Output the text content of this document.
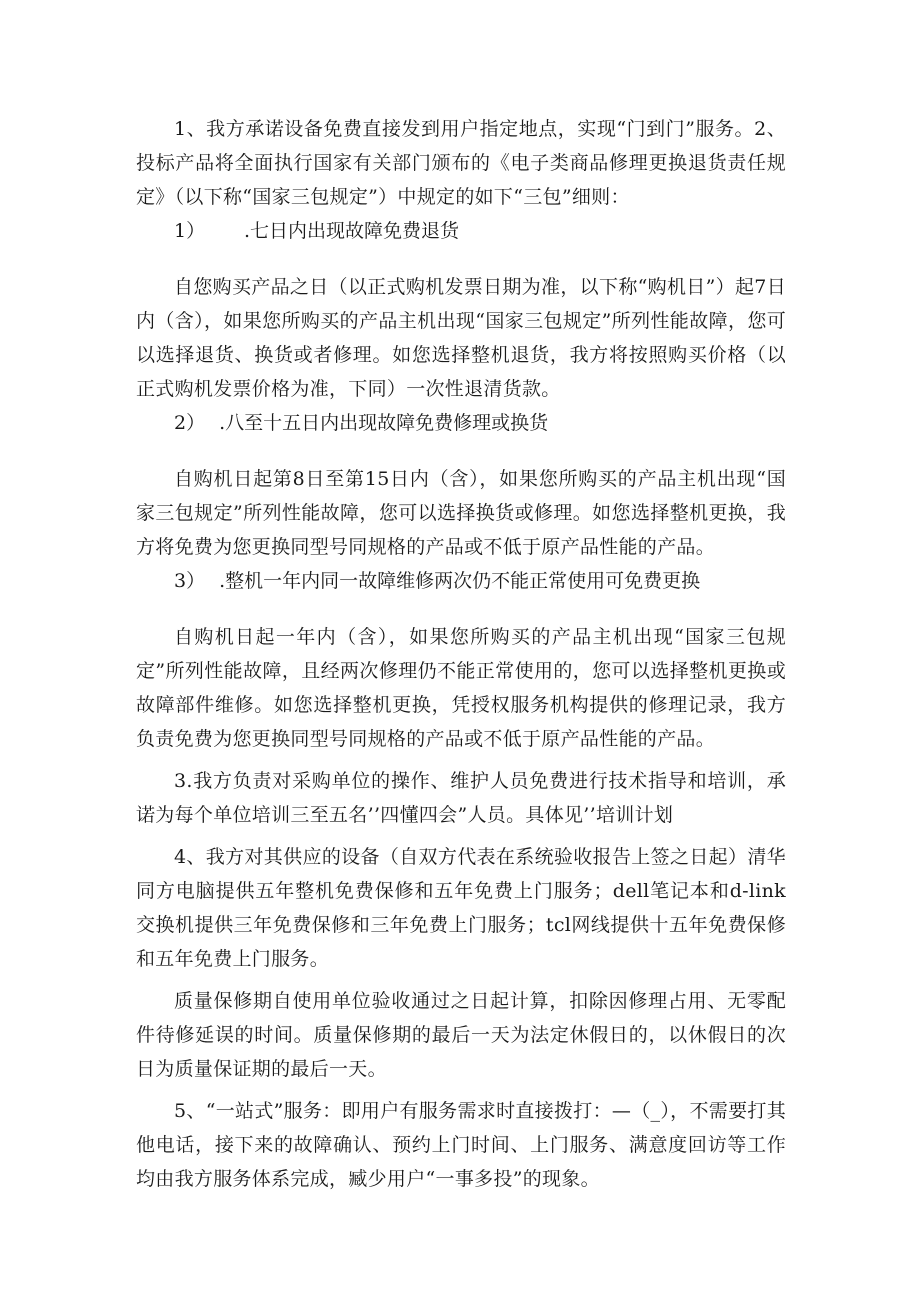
1、我方承诺设备免费直接发到用户指定地点，实现“门到门”服务。2、投标产品将全面执行国家有关部门颁布的《电子类商品修理更换退货责任规定》（以下称“国家三包规定”）中规定的如下“三包”细则：

1） .七日内出现故障免费退货

自您购买产品之日（以正式购机发票日期为准，以下称“购机日”）起7日内（含），如果您所购买的产品主机出现“国家三包规定”所列性能故障，您可以选择退货、换货或者修理。如您选择整机退货，我方将按照购买价格（以正式购机发票价格为准，下同）一次性退清货款。

2） .八至十五日内出现故障免费修理或换货

自购机日起第8日至第15日内（含），如果您所购买的产品主机出现“国家三包规定”所列性能故障，您可以选择换货或修理。如您选择整机更换，我方将免费为您更换同型号同规格的产品或不低于原产品性能的产品。

3） .整机一年内同一故障维修两次仍不能正常使用可免费更换

自购机日起一年内（含），如果您所购买的产品主机出现“国家三包规定”所列性能故障，且经两次修理仍不能正常使用的，您可以选择整机更换或故障部件维修。如您选择整机更换，凭授权服务机构提供的修理记录，我方负责免费为您更换同型号同规格的产品或不低于原产品性能的产品。

3.我方负责对采购单位的操作、维护人员免费进行技术指导和培训，承诺为每个单位培训三至五名’’四懂四会”人员。具体见’’培训计划

4、我方对其供应的设备（自双方代表在系统验收报告上签之日起）清华同方电脑提供五年整机免费保修和五年免费上门服务；dell笔记本和d-link交换机提供三年免费保修和三年免费上门服务；tcl网线提供十五年免费保修和五年免费上门服务。

质量保修期自使用单位验收通过之日起计算，扣除因修理占用、无零配件待修延误的时间。质量保修期的最后一天为法定休假日的，以休假日的次日为质量保证期的最后一天。

5、“一站式”服务：即用户有服务需求时直接拨打：—（_），不需要打其他电话，接下来的故障确认、预约上门时间、上门服务、满意度回访等工作均由我方服务体系完成，臧少用户“一事多投”的现象。
